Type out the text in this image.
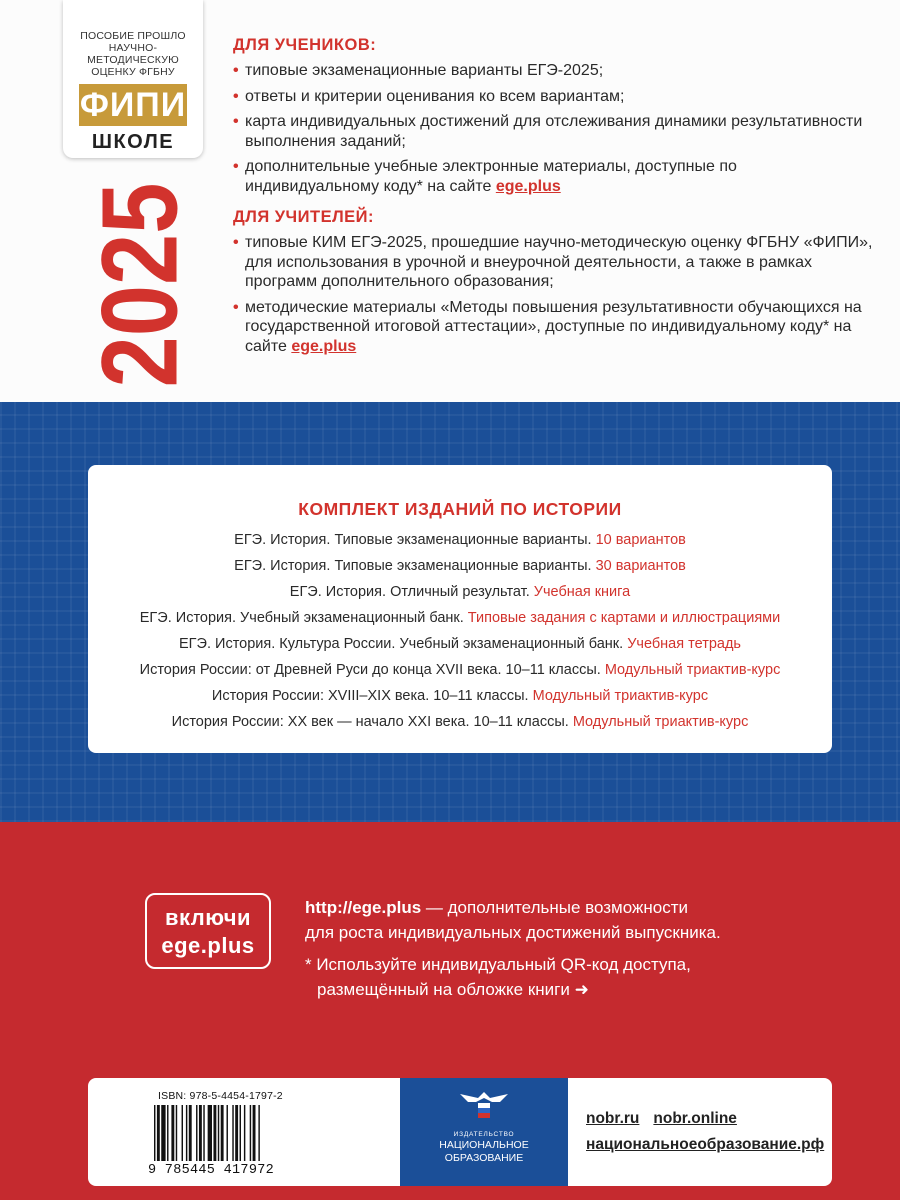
ПОСОБИЕ ПРОШЛО
НАУЧНО-МЕТОДИЧЕСКУЮ
ОЦЕНКУ ФГБНУ
ФИПИ
ШКОЛЕ
2025
ДЛЯ УЧЕНИКОВ:
• типовые экзаменационные варианты ЕГЭ-2025;
• ответы и критерии оценивания ко всем вариантам;
• карта индивидуальных достижений для отслеживания динамики результативности выполнения заданий;
• дополнительные учебные электронные материалы, доступные по индивидуальному коду* на сайте ege.plus
ДЛЯ УЧИТЕЛЕЙ:
• типовые КИМ ЕГЭ-2025, прошедшие научно-методическую оценку ФГБНУ «ФИПИ», для использования в урочной и внеурочной деятельности, а также в рамках программ дополнительного образования;
• методические материалы «Методы повышения результативности обучающихся на государственной итоговой аттестации», доступные по индивидуальному коду* на сайте ege.plus
КОМПЛЕКТ ИЗДАНИЙ ПО ИСТОРИИ
ЕГЭ. История. Типовые экзаменационные варианты. 10 вариантов
ЕГЭ. История. Типовые экзаменационные варианты. 30 вариантов
ЕГЭ. История. Отличный результат. Учебная книга
ЕГЭ. История. Учебный экзаменационный банк. Типовые задания с картами и иллюстрациями
ЕГЭ. История. Культура России. Учебный экзаменационный банк. Учебная тетрадь
История России: от Древней Руси до конца XVII века. 10–11 классы. Модульный триактив-курс
История России: XVIII–XIX века. 10–11 классы. Модульный триактив-курс
История России: XX век — начало XXI века. 10–11 классы. Модульный триактив-курс
включи
ege.plus
http://ege.plus — дополнительные возможности
для роста индивидуальных достижений выпускника.
* Используйте индивидуальный QR-код доступа,
размещённый на обложке книги ➜
ISBN: 978-5-4454-1797-2
9 785445 417972
ИЗДАТЕЛЬСТВО
НАЦИОНАЛЬНОЕ
ОБРАЗОВАНИЕ
nobr.ru nobr.online
национальноеобразование.рф
